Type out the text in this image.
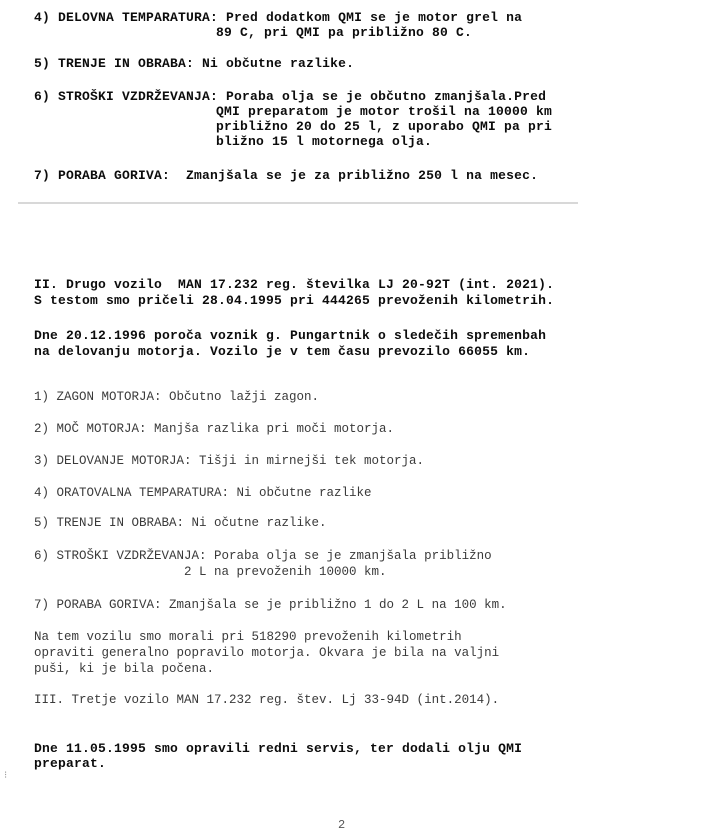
4) DELOVNA TEMPARATURA: Pred dodatkom QMI se je motor grel na
89 C, pri QMI pa približno 80 C.
5) TRENJE IN OBRABA: Ni občutne razlike.
6) STROŠKI VZDRŽEVANJA: Poraba olja se je občutno zmanjšala.Pred
QMI preparatom je motor trošil na 10000 km
približno 20 do 25 l, z uporabo QMI pa pri
bližno 15 l motornega olja.
7) PORABA GORIVA: Zmanjšala se je za približno 250 l na mesec.
II. Drugo vozilo  MAN 17.232 reg. številka LJ 20-92T (int. 2021).
S testom smo pričeli 28.04.1995 pri 444265 prevoženih kilometrih.
Dne 20.12.1996 poroča voznik g. Pungartnik o sledečih spremenbah
na delovanju motorja. Vozilo je v tem času prevozilo 66055 km.
1) ZAGON MOTORJA: Občutno lažji zagon.
2) MOČ MOTORJA: Manjša razlika pri moči motorja.
3) DELOVANJE MOTORJA: Tišji in mirnejši tek motorja.
4) ORATOVALNA TEMPARATURA: Ni občutne razlike
5) TRENJE IN OBRABA: Ni očutne razlike.
6) STROŠKI VZDRŽEVANJA: Poraba olja se je zmanjšala približno
2 L na prevoženih 10000 km.
7) PORABA GORIVA: Zmanjšala se je približno 1 do 2 L na 100 km.
Na tem vozilu smo morali pri 518290 prevoženih kilometrih
opraviti generalno popravilo motorja. Okvara je bila na valjni
puši, ki je bila počena.
III. Tretje vozilo MAN 17.232 reg. štev. Lj 33-94D (int.2014).
Dne 11.05.1995 smo opravili redni servis, ter dodali olju QMI
preparat.
⁝
2
